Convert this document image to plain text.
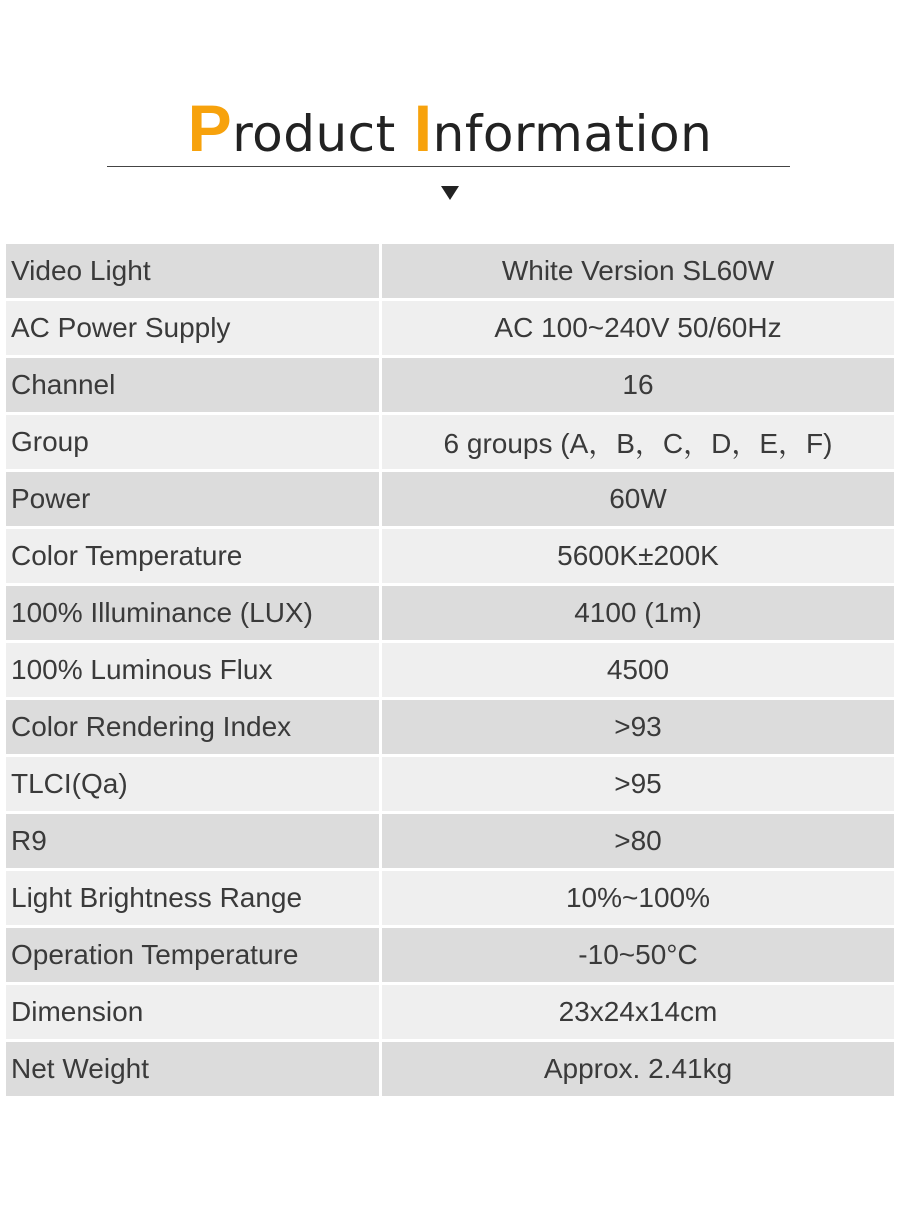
Product Information
Video Light	White Version SL60W
AC Power Supply	AC 100~240V 50/60Hz
Channel	16
Group	6 groups (A，B，C，D，E，F)
Power	60W
Color Temperature	5600K±200K
100% Illuminance (LUX)	4100 (1m)
100% Luminous Flux	4500
Color Rendering Index	>93
TLCI(Qa)	>95
R9	>80
Light Brightness Range	10%~100%
Operation Temperature	-10~50°C
Dimension	23x24x14cm
Net Weight	Approx. 2.41kg
